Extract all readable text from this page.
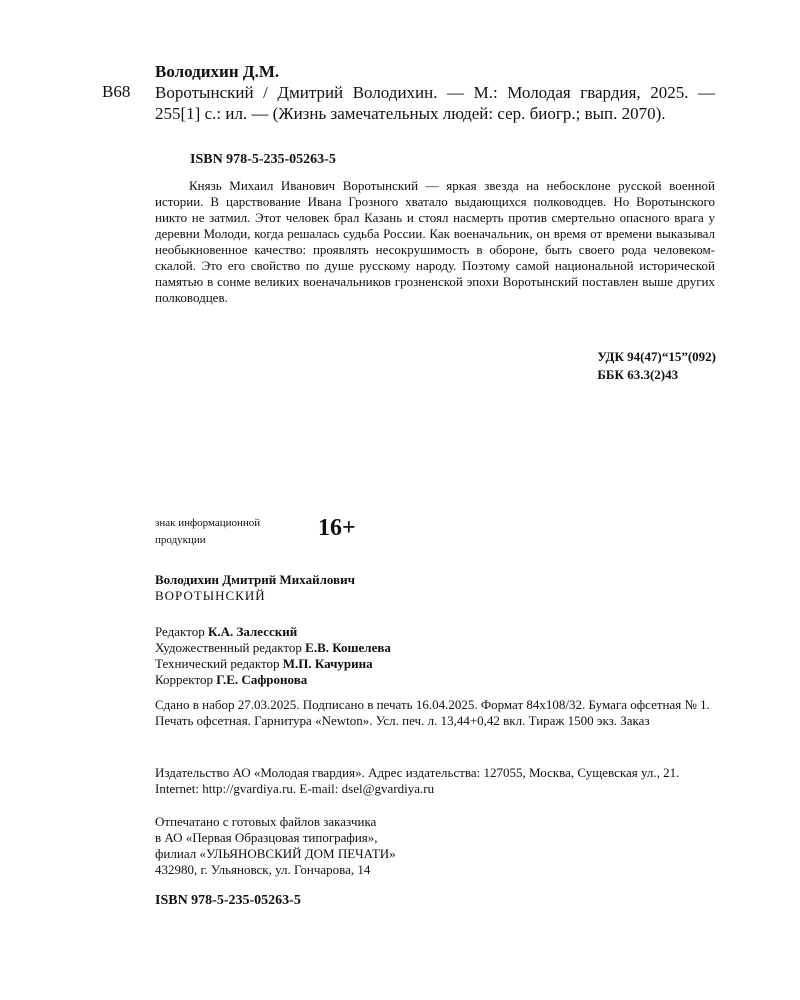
Володихин Д.М.
В68 Воротынский / Дмитрий Володихин. — М.: Молодая гвардия, 2025. — 255[1] с.: ил. — (Жизнь замечательных людей: сер. биогр.; вып. 2070).
ISBN 978-5-235-05263-5
Князь Михаил Иванович Воротынский — яркая звезда на небосклоне русской военной истории. В царствование Ивана Грозного хватало выдающихся полководцев. Но Воротынского никто не затмил. Этот человек брал Казань и стоял насмерть против смертельно опасного врага у деревни Молоди, когда решалась судьба России. Как военачальник, он время от времени выказывал необыкновенное качество: проявлять несокрушимость в обороне, быть своего рода человеком-скалой. Это его свойство по душе русскому народу. Поэтому самой национальной исторической памятью в сонме великих военачальников грозненской эпохи Воротынский поставлен выше других полководцев.
УДК 94(47)“15”(092)
ББК 63.3(2)43
знак информационной
продукции	16+
Володихин Дмитрий Михайлович
ВОРОТЫНСКИЙ
Редактор К.А. Залесский
Художественный редактор Е.В. Кошелева
Технический редактор М.П. Качурина
Корректор Г.Е. Сафронова
Сдано в набор 27.03.2025. Подписано в печать 16.04.2025. Формат 84х108/32. Бумага офсетная № 1. Печать офсетная. Гарнитура «Newton». Усл. печ. л. 13,44+0,42 вкл. Тираж 1500 экз. Заказ
Издательство АО «Молодая гвардия». Адрес издательства: 127055, Москва, Сущевская ул., 21. Internet: http://gvardiya.ru. E-mail: dsel@gvardiya.ru
Отпечатано с готовых файлов заказчика
в АО «Первая Образцовая типография»,
филиал «УЛЬЯНОВСКИЙ ДОМ ПЕЧАТИ»
432980, г. Ульяновск, ул. Гончарова, 14
ISBN 978-5-235-05263-5
